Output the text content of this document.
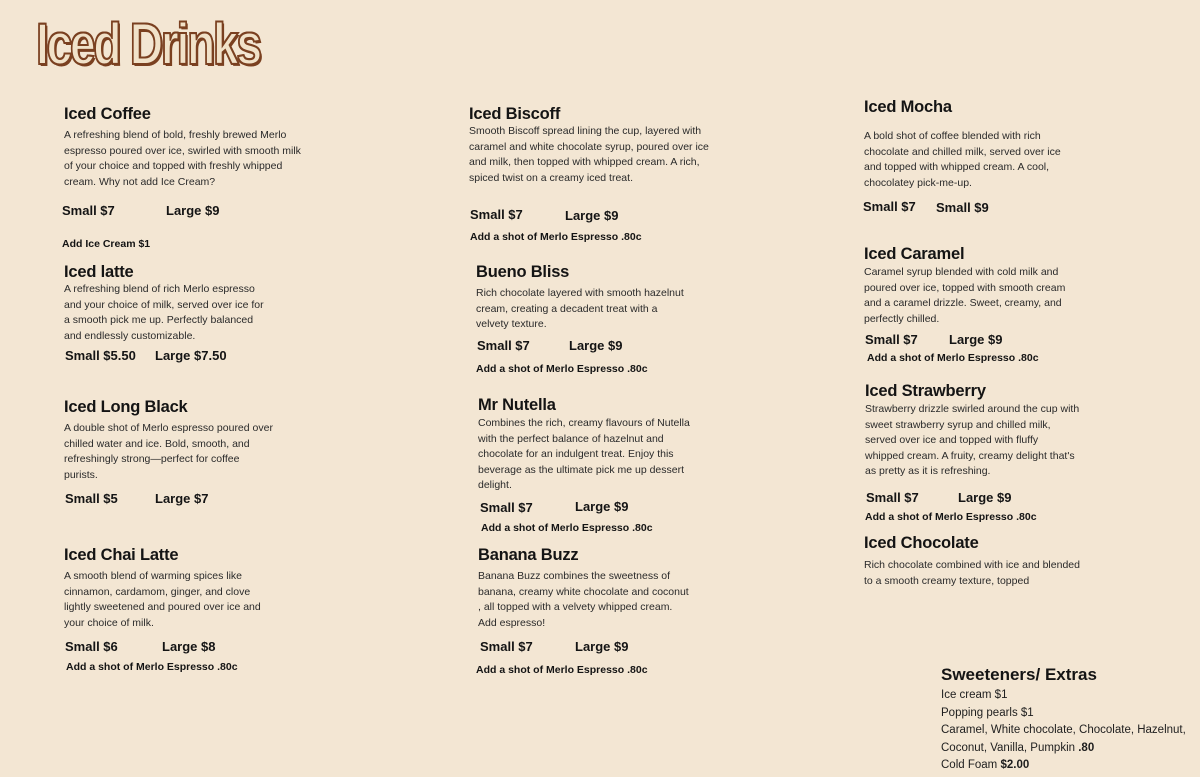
Iced Drinks
Iced Coffee
A refreshing blend of bold, freshly brewed Merlo espresso poured over ice, swirled with smooth milk of your choice and topped with freshly whipped cream. Why not add Ice Cream?
Small $7	Large $9
Add Ice Cream $1
Iced latte
A refreshing blend of rich Merlo espresso and your choice of milk, served over ice for a smooth pick me up. Perfectly balanced and endlessly customizable.
Small $5.50 Large $7.50
Iced Long Black
A double shot of Merlo espresso poured over chilled water and ice. Bold, smooth, and refreshingly strong—perfect for coffee purists.
Small $5	Large $7
Iced Chai Latte
A smooth blend of warming spices like cinnamon, cardamom, ginger, and clove lightly sweetened and poured over ice and your choice of milk.
Small $6	Large $8
Add a shot of Merlo Espresso .80c
Iced Biscoff
Smooth Biscoff spread lining the cup, layered with caramel and white chocolate syrup, poured over ice and milk, then topped with whipped cream. A rich, spiced twist on a creamy iced treat.
Small $7	Large $9
Add a shot of Merlo Espresso .80c
Bueno Bliss
Rich chocolate layered with smooth hazelnut cream, creating a decadent treat with a velvety texture.
Small $7	Large $9
Add a shot of Merlo Espresso .80c
Mr Nutella
Combines the rich, creamy flavours of Nutella with the perfect balance of hazelnut and chocolate for an indulgent treat. Enjoy this beverage as the ultimate pick me up dessert delight.
Small $7	Large $9
Add a shot of Merlo Espresso .80c
Banana Buzz
Banana Buzz combines the sweetness of banana, creamy white chocolate and coconut , all topped with a velvety whipped cream. Add espresso!
Small $7	Large $9
Add a shot of Merlo Espresso .80c
Iced Mocha
A bold shot of coffee blended with rich chocolate and chilled milk, served over ice and topped with whipped cream. A cool, chocolatey pick-me-up.
Small $7 Small $9
Iced Caramel
Caramel syrup blended with cold milk and poured over ice, topped with smooth cream and a caramel drizzle. Sweet, creamy, and perfectly chilled.
Small $7 Large $9
Add a shot of Merlo Espresso .80c
Iced Strawberry
Strawberry drizzle swirled around the cup with sweet strawberry syrup and chilled milk, served over ice and topped with fluffy whipped cream. A fruity, creamy delight that's as pretty as it is refreshing.
Small $7	Large $9
Add a shot of Merlo Espresso .80c
Iced Chocolate
Rich chocolate combined with ice and blended to a smooth creamy texture, topped
Sweeteners/ Extras
Ice cream $1
Popping pearls $1
Caramel, White chocolate, Chocolate, Hazelnut,
Coconut, Vanilla, Pumpkin .80
Cold Foam $2.00
